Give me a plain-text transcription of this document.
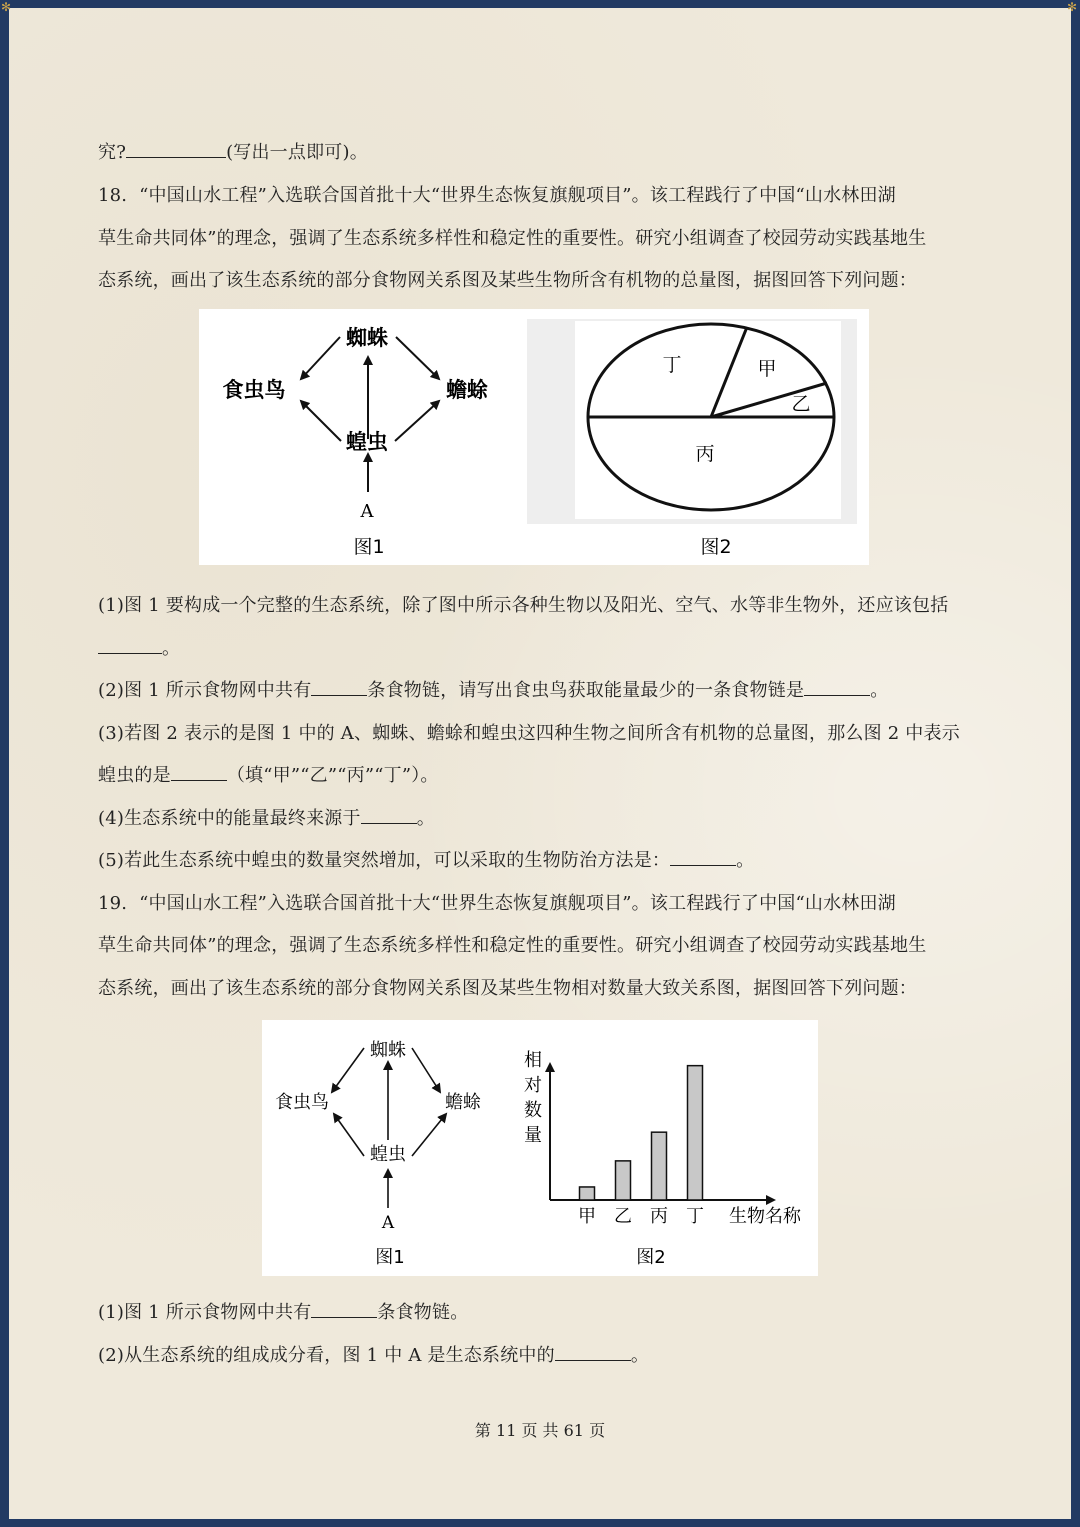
✻	✻
究?	(写出一点即可)。
18.  “中国山水工程”入选联合国首批十大“世界生态恢复旗舰项目”。该工程践行了中国“山水林田湖
草生命共同体”的理念，强调了生态系统多样性和稳定性的重要性。研究小组调查了校园劳动实践基地生
态系统，画出了该生态系统的部分食物网关系图及某些生物所含有机物的总量图，据图回答下列问题：
蜘蛛
食虫鸟	蟾蜍
蝗虫
A
图1
丁	甲
乙
丙
图2
(1)图 1 要构成一个完整的生态系统，除了图中所示各种生物以及阳光、空气、水等非生物外，还应该包括
。
(2)图 1 所示食物网中共有	条食物链，请写出食虫鸟获取能量最少的一条食物链是	。
(3)若图 2 表示的是图 1 中的 A、蜘蛛、蟾蜍和蝗虫这四种生物之间所含有机物的总量图，那么图 2 中表示
蝗虫的是	（填“甲”“乙”“丙”“丁”）。
(4)生态系统中的能量最终来源于	。
(5)若此生态系统中蝗虫的数量突然增加，可以采取的生物防治方法是：	。
19.  “中国山水工程”入选联合国首批十大“世界生态恢复旗舰项目”。该工程践行了中国“山水林田湖
草生命共同体”的理念，强调了生态系统多样性和稳定性的重要性。研究小组调查了校园劳动实践基地生
态系统，画出了该生态系统的部分食物网关系图及某些生物相对数量大致关系图，据图回答下列问题：
蜘蛛
食虫鸟	蟾蜍
蝗虫
A
图1
相
对
数
量
甲 乙 丙 丁 生物名称
图2
(1)图 1 所示食物网中共有	条食物链。
(2)从生态系统的组成成分看，图 1 中 A 是生态系统中的	。
第 11 页 共 61 页
